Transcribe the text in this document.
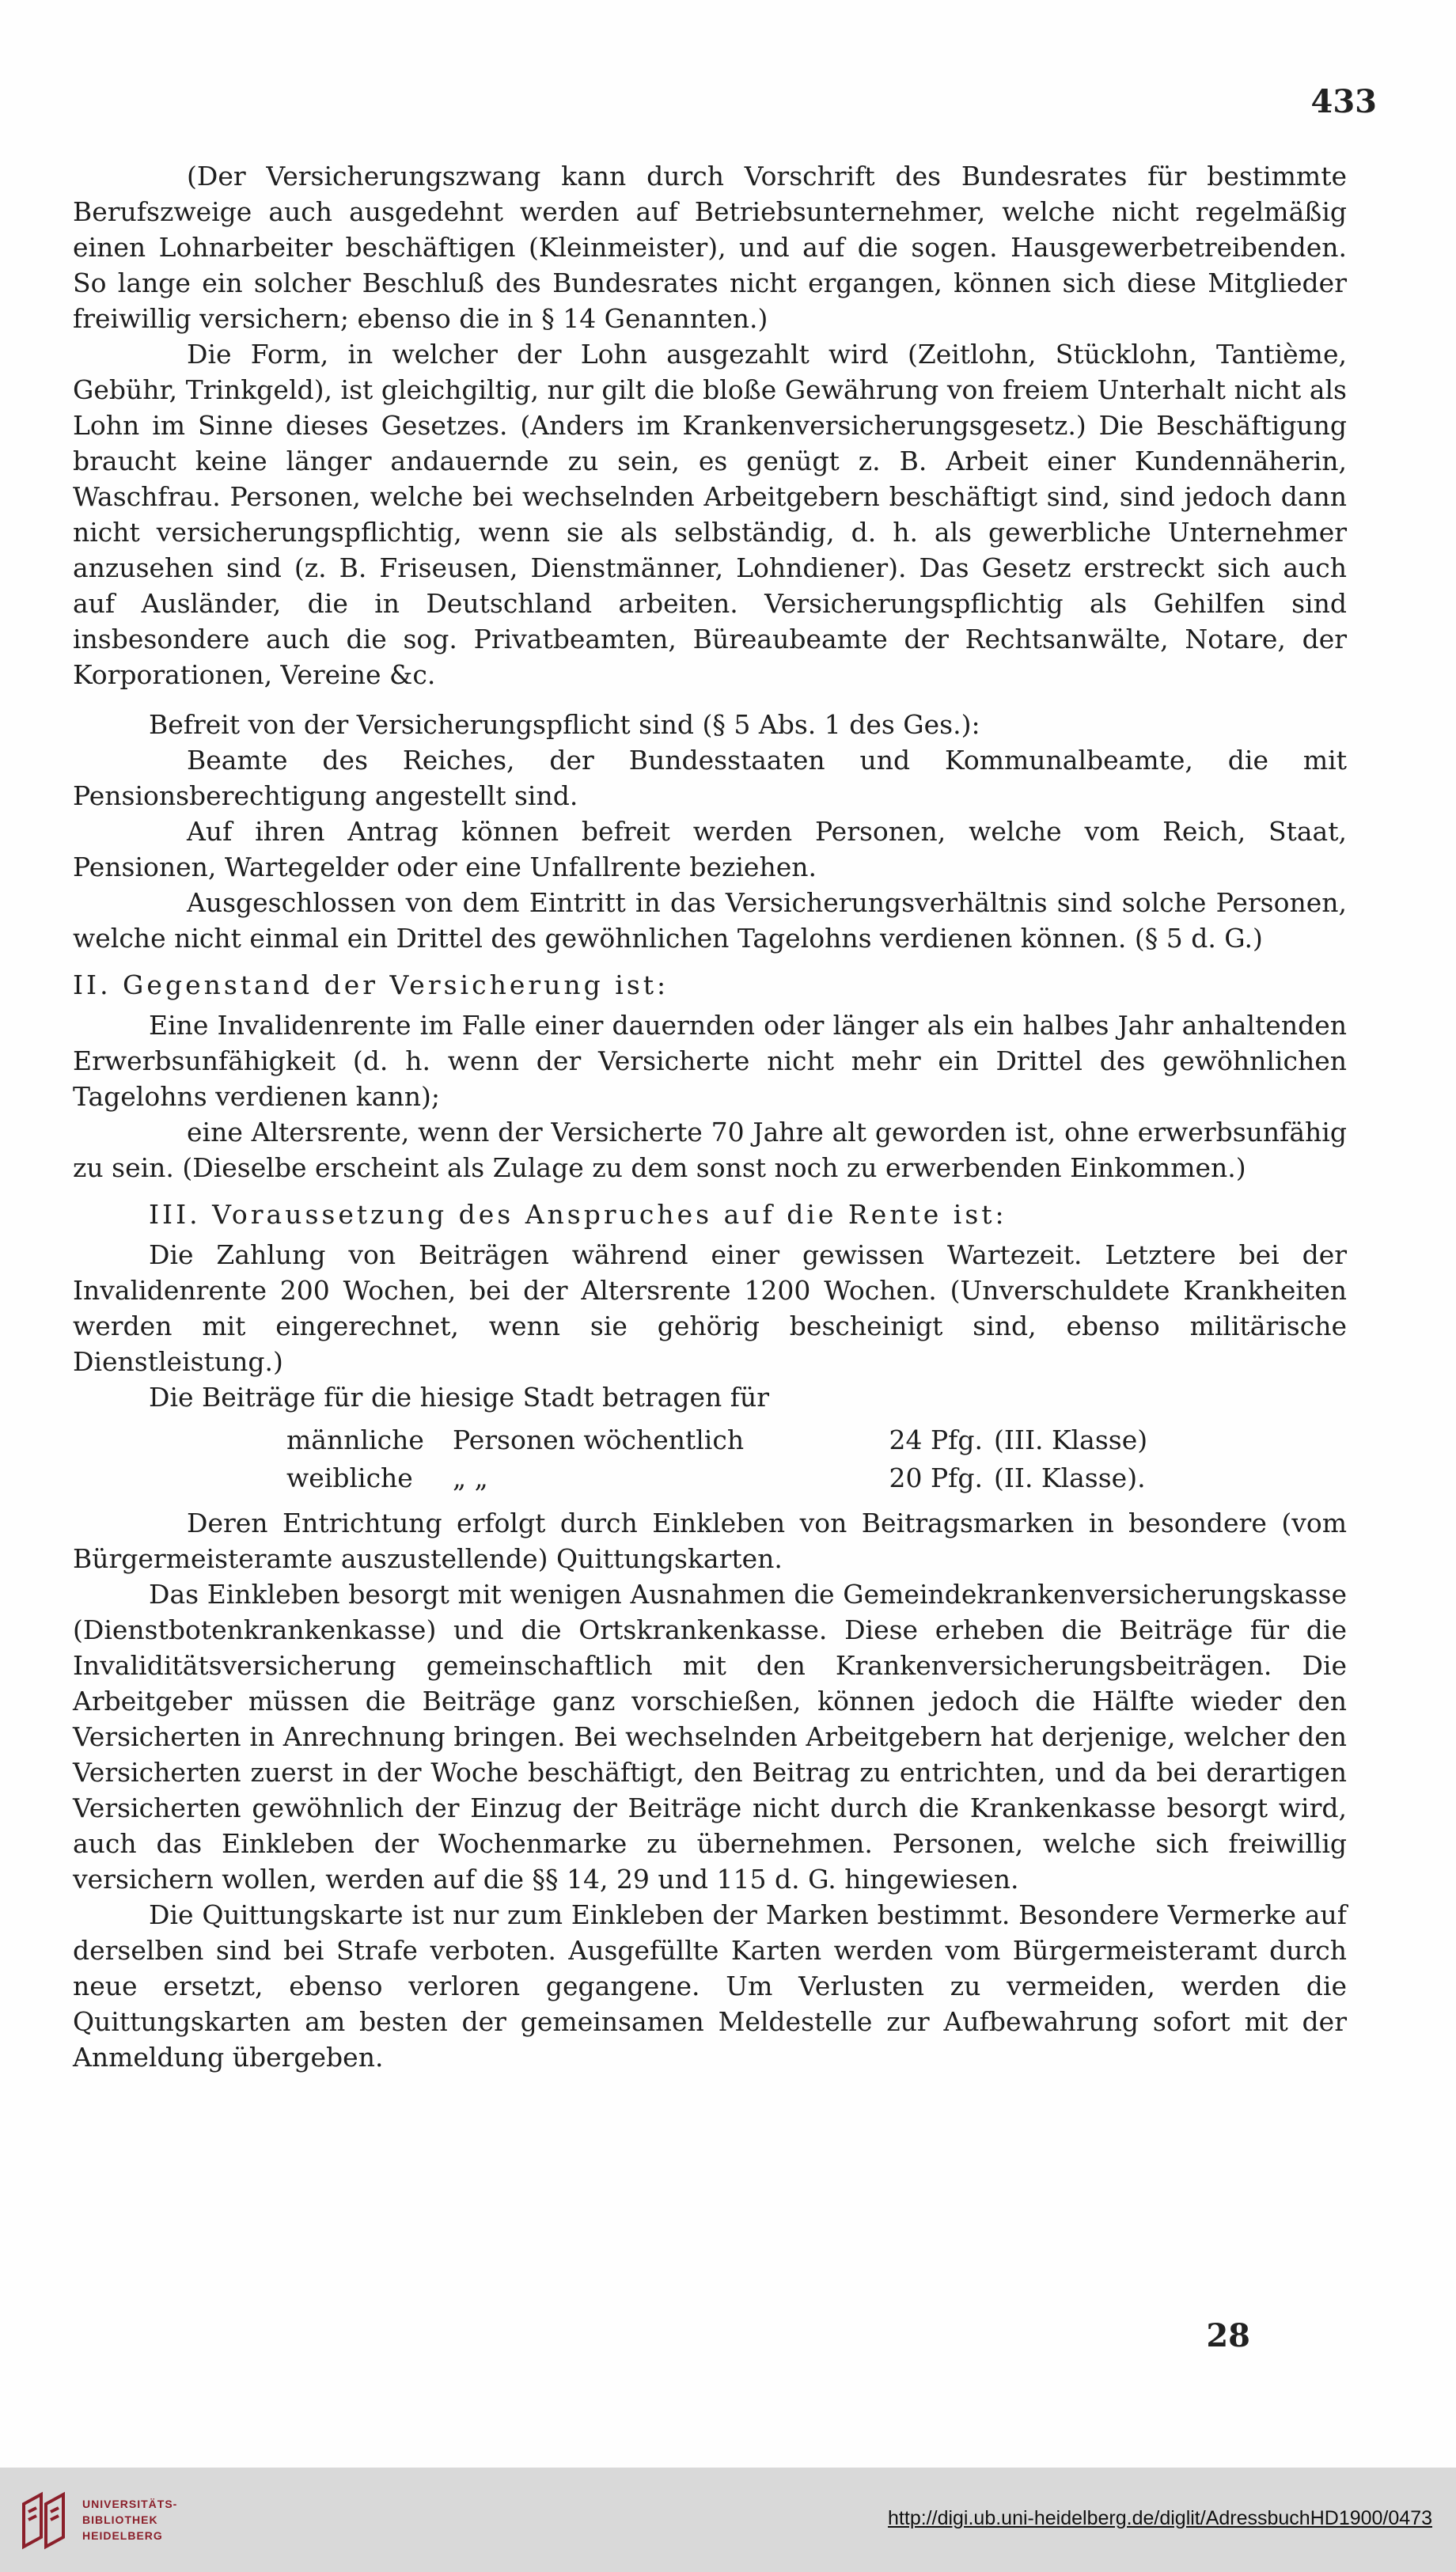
433

(Der Versicherungszwang kann durch Vorschrift des Bundesrates für bestimmte Berufszweige auch ausgedehnt werden auf Betriebsunternehmer, welche nicht regelmäßig einen Lohnarbeiter beschäftigen (Kleinmeister), und auf die sogen. Hausgewerbetreibenden. So lange ein solcher Beschluß des Bundesrates nicht ergangen, können sich diese Mitglieder freiwillig versichern; ebenso die in § 14 Genannten.)

Die Form, in welcher der Lohn ausgezahlt wird (Zeitlohn, Stücklohn, Tantième, Gebühr, Trinkgeld), ist gleichgiltig, nur gilt die bloße Gewährung von freiem Unterhalt nicht als Lohn im Sinne dieses Gesetzes. (Anders im Krankenversicherungsgesetz.) Die Beschäftigung braucht keine länger andauernde zu sein, es genügt z. B. Arbeit einer Kundennäherin, Waschfrau. Personen, welche bei wechselnden Arbeitgebern beschäftigt sind, sind jedoch dann nicht versicherungspflichtig, wenn sie als selbständig, d. h. als gewerbliche Unternehmer anzusehen sind (z. B. Friseusen, Dienstmänner, Lohndiener). Das Gesetz erstreckt sich auch auf Ausländer, die in Deutschland arbeiten. Versicherungspflichtig als Gehilfen sind insbesondere auch die sog. Privatbeamten, Büreaubeamte der Rechtsanwälte, Notare, der Korporationen, Vereine &c.

Befreit von der Versicherungspflicht sind (§ 5 Abs. 1 des Ges.):

Beamte des Reiches, der Bundesstaaten und Kommunalbeamte, die mit Pensionsberechtigung angestellt sind.

Auf ihren Antrag können befreit werden Personen, welche vom Reich, Staat, Pensionen, Wartegelder oder eine Unfallrente beziehen.

Ausgeschlossen von dem Eintritt in das Versicherungsverhältnis sind solche Personen, welche nicht einmal ein Drittel des gewöhnlichen Tagelohns verdienen können. (§ 5 d. G.)

II. Gegenstand der Versicherung ist:

Eine Invalidenrente im Falle einer dauernden oder länger als ein halbes Jahr anhaltenden Erwerbsunfähigkeit (d. h. wenn der Versicherte nicht mehr ein Drittel des gewöhnlichen Tagelohns verdienen kann);

eine Altersrente, wenn der Versicherte 70 Jahre alt geworden ist, ohne erwerbsunfähig zu sein. (Dieselbe erscheint als Zulage zu dem sonst noch zu erwerbenden Einkommen.)

III. Voraussetzung des Anspruches auf die Rente ist:

Die Zahlung von Beiträgen während einer gewissen Wartezeit. Letztere bei der Invalidenrente 200 Wochen, bei der Altersrente 1200 Wochen. (Unverschuldete Krankheiten werden mit eingerechnet, wenn sie gehörig bescheinigt sind, ebenso militärische Dienstleistung.)

Die Beiträge für die hiesige Stadt betragen für

männliche	Personen wöchentlich	24 Pfg. (III. Klasse)
weibliche	„ „	20 Pfg. (II. Klasse).

Deren Entrichtung erfolgt durch Einkleben von Beitragsmarken in besondere (vom Bürgermeisteramte auszustellende) Quittungskarten.

Das Einkleben besorgt mit wenigen Ausnahmen die Gemeindekrankenversicherungskasse (Dienstbotenkrankenkasse) und die Ortskrankenkasse. Diese erheben die Beiträge für die Invaliditätsversicherung gemeinschaftlich mit den Krankenversicherungsbeiträgen. Die Arbeitgeber müssen die Beiträge ganz vorschießen, können jedoch die Hälfte wieder den Versicherten in Anrechnung bringen. Bei wechselnden Arbeitgebern hat derjenige, welcher den Versicherten zuerst in der Woche beschäftigt, den Beitrag zu entrichten, und da bei derartigen Versicherten gewöhnlich der Einzug der Beiträge nicht durch die Krankenkasse besorgt wird, auch das Einkleben der Wochenmarke zu übernehmen. Personen, welche sich freiwillig versichern wollen, werden auf die §§ 14, 29 und 115 d. G. hingewiesen.

Die Quittungskarte ist nur zum Einkleben der Marken bestimmt. Besondere Vermerke auf derselben sind bei Strafe verboten. Ausgefüllte Karten werden vom Bürgermeisteramt durch neue ersetzt, ebenso verloren gegangene. Um Verlusten zu vermeiden, werden die Quittungskarten am besten der gemeinsamen Meldestelle zur Aufbewahrung sofort mit der Anmeldung übergeben.

28
UNIVERSITÄTS-
BIBLIOTHEK
HEIDELBERG
http://digi.ub.uni-heidelberg.de/diglit/AdressbuchHD1900/0473
